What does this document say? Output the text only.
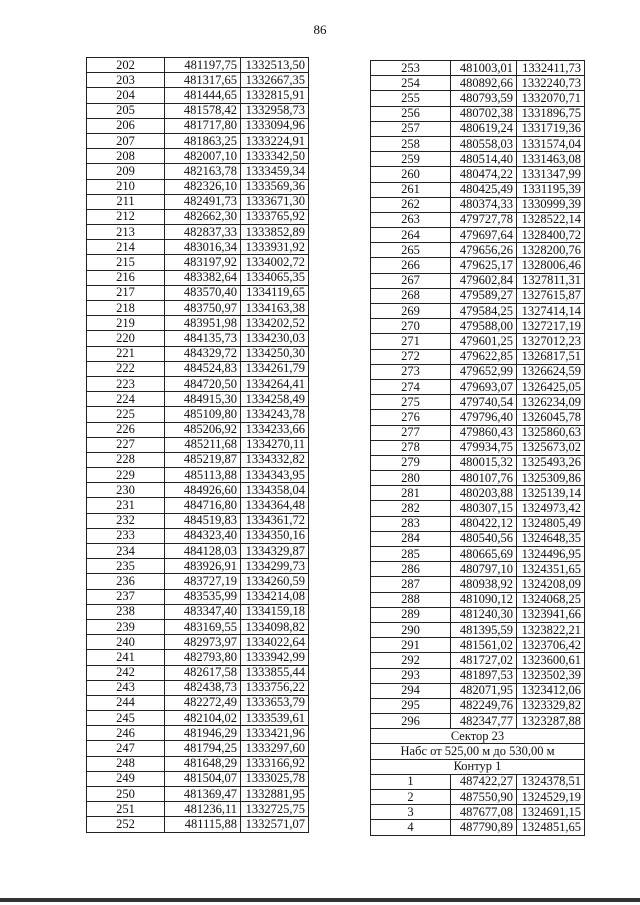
86
202	481197,75	1332513,50
203	481317,65	1332667,35
204	481444,65	1332815,91
205	481578,42	1332958,73
206	481717,80	1333094,96
207	481863,25	1333224,91
208	482007,10	1333342,50
209	482163,78	1333459,34
210	482326,10	1333569,36
211	482491,73	1333671,30
212	482662,30	1333765,92
213	482837,33	1333852,89
214	483016,34	1333931,92
215	483197,92	1334002,72
216	483382,64	1334065,35
217	483570,40	1334119,65
218	483750,97	1334163,38
219	483951,98	1334202,52
220	484135,73	1334230,03
221	484329,72	1334250,30
222	484524,83	1334261,79
223	484720,50	1334264,41
224	484915,30	1334258,49
225	485109,80	1334243,78
226	485206,92	1334233,66
227	485211,68	1334270,11
228	485219,87	1334332,82
229	485113,88	1334343,95
230	484926,60	1334358,04
231	484716,80	1334364,48
232	484519,83	1334361,72
233	484323,40	1334350,16
234	484128,03	1334329,87
235	483926,91	1334299,73
236	483727,19	1334260,59
237	483535,99	1334214,08
238	483347,40	1334159,18
239	483169,55	1334098,82
240	482973,97	1334022,64
241	482793,80	1333942,99
242	482617,58	1333855,44
243	482438,73	1333756,22
244	482272,49	1333653,79
245	482104,02	1333539,61
246	481946,29	1333421,96
247	481794,25	1333297,60
248	481648,29	1333166,92
249	481504,07	1333025,78
250	481369,47	1332881,95
251	481236,11	1332725,75
252	481115,88	1332571,07
253	481003,01	1332411,73
254	480892,66	1332240,73
255	480793,59	1332070,71
256	480702,38	1331896,75
257	480619,24	1331719,36
258	480558,03	1331574,04
259	480514,40	1331463,08
260	480474,22	1331347,99
261	480425,49	1331195,39
262	480374,33	1330999,39
263	479727,78	1328522,14
264	479697,64	1328400,72
265	479656,26	1328200,76
266	479625,17	1328006,46
267	479602,84	1327811,31
268	479589,27	1327615,87
269	479584,25	1327414,14
270	479588,00	1327217,19
271	479601,25	1327012,23
272	479622,85	1326817,51
273	479652,99	1326624,59
274	479693,07	1326425,05
275	479740,54	1326234,09
276	479796,40	1326045,78
277	479860,43	1325860,63
278	479934,75	1325673,02
279	480015,32	1325493,26
280	480107,76	1325309,86
281	480203,88	1325139,14
282	480307,15	1324973,42
283	480422,12	1324805,49
284	480540,56	1324648,35
285	480665,69	1324496,95
286	480797,10	1324351,65
287	480938,92	1324208,09
288	481090,12	1324068,25
289	481240,30	1323941,66
290	481395,59	1323822,21
291	481561,02	1323706,42
292	481727,02	1323600,61
293	481897,53	1323502,39
294	482071,95	1323412,06
295	482249,76	1323329,82
296	482347,77	1323287,88
Сектор 23		
Набс от 525,00 м до 530,00 м		
Контур 1		
1	487422,27	1324378,51
2	487550,90	1324529,19
3	487677,08	1324691,15
4	487790,89	1324851,65
